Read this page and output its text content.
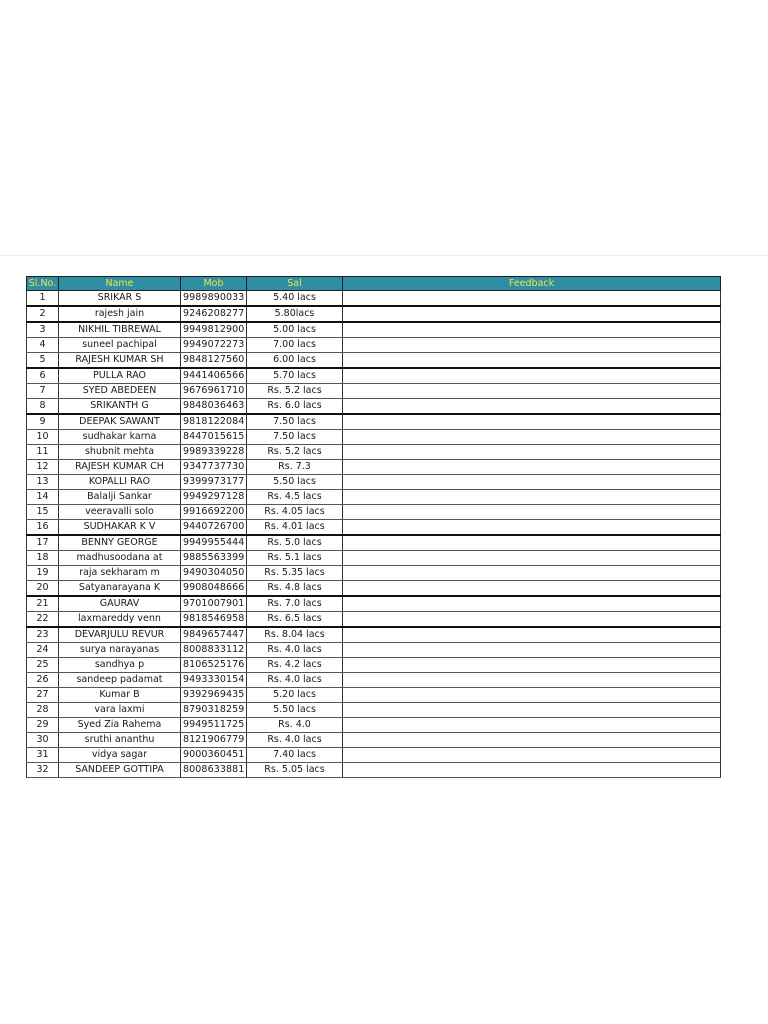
Sl.No.	Name	Mob	Sal	Feedback
1	SRIKAR S	9989890033	5.40 lacs	
2	rajesh jain	9246208277	5.80lacs	
3	NIKHIL TIBREWAL	9949812900	5.00 lacs	
4	suneel pachipal	9949072273	7.00 lacs	
5	RAJESH KUMAR SH	9848127560	6.00 lacs	
6	PULLA RAO	9441406566	5.70 lacs	
7	SYED ABEDEEN	9676961710	Rs. 5.2 lacs	
8	SRIKANTH G	9848036463	Rs. 6.0 lacs	
9	DEEPAK SAWANT	9818122084	7.50 lacs	
10	sudhakar karna	8447015615	7.50 lacs	
11	shubnit mehta	9989339228	Rs. 5.2 lacs	
12	RAJESH KUMAR CH	9347737730	Rs. 7.3	
13	KOPALLI RAO	9399973177	5.50 lacs	
14	Balalji Sankar	9949297128	Rs. 4.5 lacs	
15	veeravalli solo	9916692200	Rs. 4.05 lacs	
16	SUDHAKAR K V	9440726700	Rs. 4.01 lacs	
17	BENNY GEORGE	9949955444	Rs. 5.0 lacs	
18	madhusoodana at	9885563399	Rs. 5.1 lacs	
19	raja sekharam m	9490304050	Rs. 5.35 lacs	
20	Satyanarayana K	9908048666	Rs. 4.8 lacs	
21	GAURAV	9701007901	Rs. 7.0 lacs	
22	laxmareddy venn	9818546958	Rs. 6.5 lacs	
23	DEVARJULU REVUR	9849657447	Rs. 8.04 lacs	
24	surya narayanas	8008833112	Rs. 4.0 lacs	
25	sandhya p	8106525176	Rs. 4.2 lacs	
26	sandeep padamat	9493330154	Rs. 4.0 lacs	
27	Kumar B	9392969435	5.20 lacs	
28	vara laxmi	8790318259	5.50 lacs	
29	Syed Zia Rahema	9949511725	Rs. 4.0	
30	sruthi ananthu	8121906779	Rs. 4.0 lacs	
31	vidya sagar	9000360451	7.40 lacs	
32	SANDEEP GOTTIPA	8008633881	Rs. 5.05 lacs	
